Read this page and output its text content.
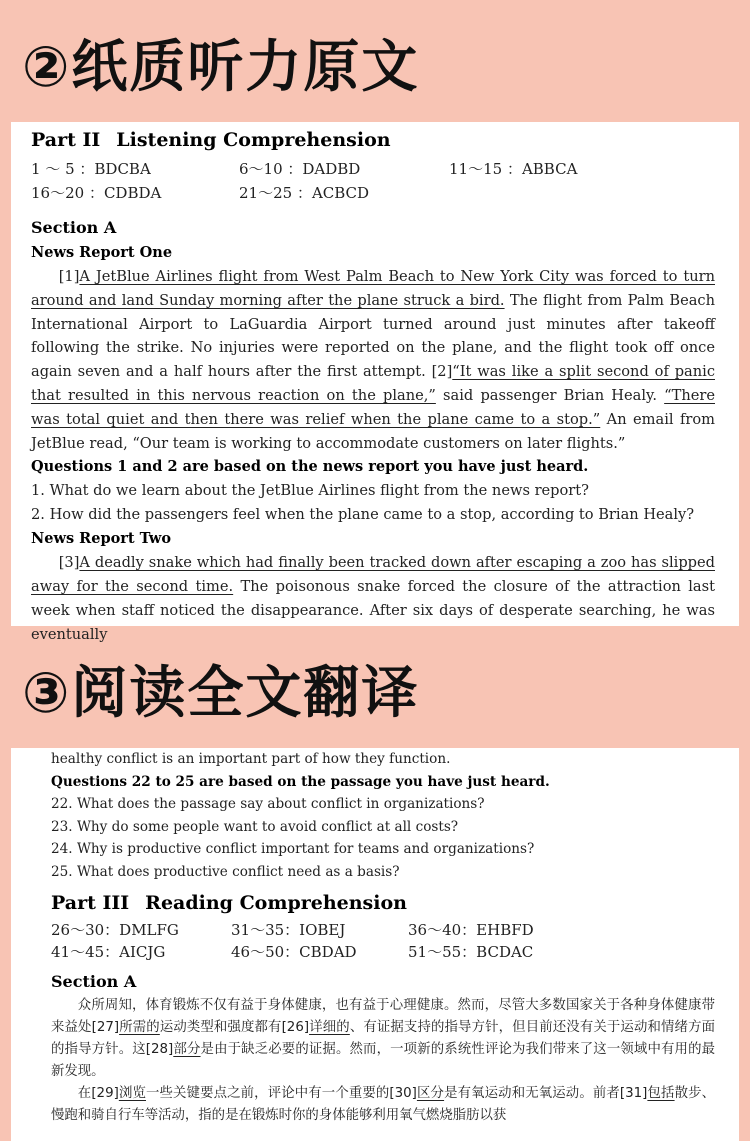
②纸质听力原文
Part II Listening Comprehension
1 ～ 5 ：BDCBA	6～10 ：DADBD	11～15 ：ABBCA
16～20 ：CDBDA	21～25 ：ACBCD
Section A
News Report One
[1]A JetBlue Airlines flight from West Palm Beach to New York City was forced to turn around and land Sunday morning after the plane struck a bird. The flight from Palm Beach International Airport to LaGuardia Airport turned around just minutes after takeoff following the strike. No injuries were reported on the plane, and the flight took off once again seven and a half hours after the first attempt. [2]“It was like a split second of panic that resulted in this nervous reaction on the plane,” said passenger Brian Healy. “There was total quiet and then there was relief when the plane came to a stop.” An email from JetBlue read, “Our team is working to accommodate customers on later flights.”
Questions 1 and 2 are based on the news report you have just heard.
1. What do we learn about the JetBlue Airlines flight from the news report?
2. How did the passengers feel when the plane came to a stop, according to Brian Healy?
News Report Two
[3]A deadly snake which had finally been tracked down after escaping a zoo has slipped away for the second time. The poisonous snake forced the closure of the attraction last week when staff noticed the disappearance. After six days of desperate searching, he was eventually
③阅读全文翻译
healthy conflict is an important part of how they function.
Questions 22 to 25 are based on the passage you have just heard.
22. What does the passage say about conflict in organizations?
23. Why do some people want to avoid conflict at all costs?
24. Why is productive conflict important for teams and organizations?
25. What does productive conflict need as a basis?
Part III Reading Comprehension
26～30：DMLFG	31～35：IOBEJ	36～40：EHBFD
41～45：AICJG	46～50：CBDAD	51～55：BCDAC
Section A
众所周知，体育锻炼不仅有益于身体健康，也有益于心理健康。然而，尽管大多数国家关于各种身体健康带来益处[27]所需的运动类型和强度都有[26]详细的、有证据支持的指导方针，但目前还没有关于运动和情绪方面的指导方针。这[28]部分是由于缺乏必要的证据。然而，一项新的系统性评论为我们带来了这一领域中有用的最新发现。
在[29]浏览一些关键要点之前，评论中有一个重要的[30]区分是有氧运动和无氧运动。前者[31]包括散步、慢跑和骑自行车等活动，指的是在锻炼时你的身体能够利用氧气燃烧脂肪以获
